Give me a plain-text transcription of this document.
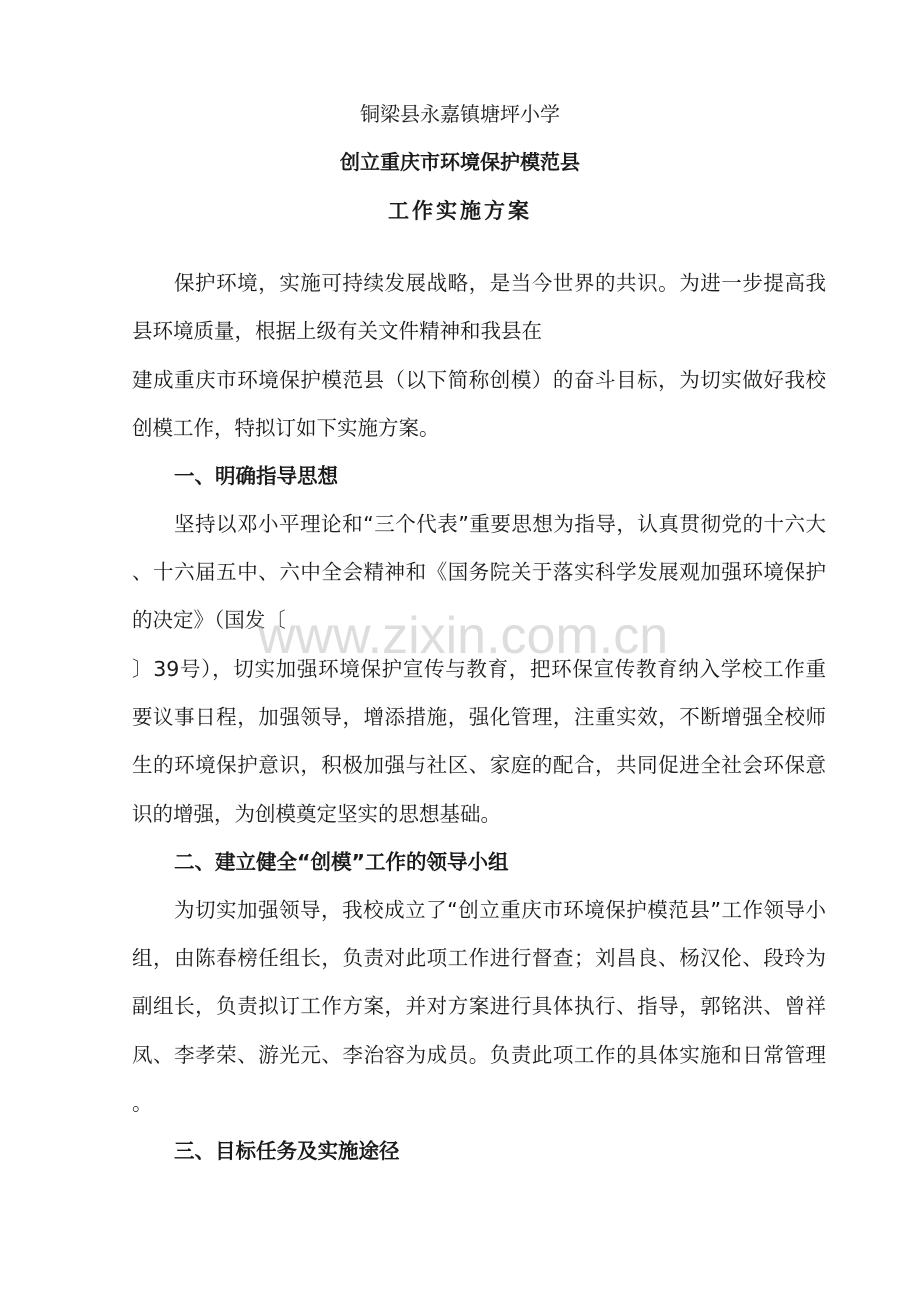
铜梁县永嘉镇塘坪小学
创立重庆市环境保护模范县
工作实施方案
保护环境，实施可持续发展战略，是当今世界的共识。为进一步提高我
县环境质量，根据上级有关文件精神和我县在
建成重庆市环境保护模范县（以下简称创模）的奋斗目标，为切实做好我校
创模工作，特拟订如下实施方案。
一、明确指导思想
坚持以邓小平理论和“三个代表”重要思想为指导，认真贯彻党的十六大
、十六届五中、六中全会精神和《国务院关于落实科学发展观加强环境保护
的决定》（国发〔
〕39号），切实加强环境保护宣传与教育，把环保宣传教育纳入学校工作重
要议事日程，加强领导，增添措施，强化管理，注重实效，不断增强全校师
生的环境保护意识，积极加强与社区、家庭的配合，共同促进全社会环保意
识的增强，为创模奠定坚实的思想基础。
二、建立健全“创模”工作的领导小组
为切实加强领导，我校成立了“创立重庆市环境保护模范县”工作领导小
组，由陈春榜任组长，负责对此项工作进行督查；刘昌良、杨汉伦、段玲为
副组长，负责拟订工作方案，并对方案进行具体执行、指导，郭铭洪、曾祥
凤、李孝荣、游光元、李治容为成员。负责此项工作的具体实施和日常管理
。
三、目标任务及实施途径
www.zixin.com.cn
